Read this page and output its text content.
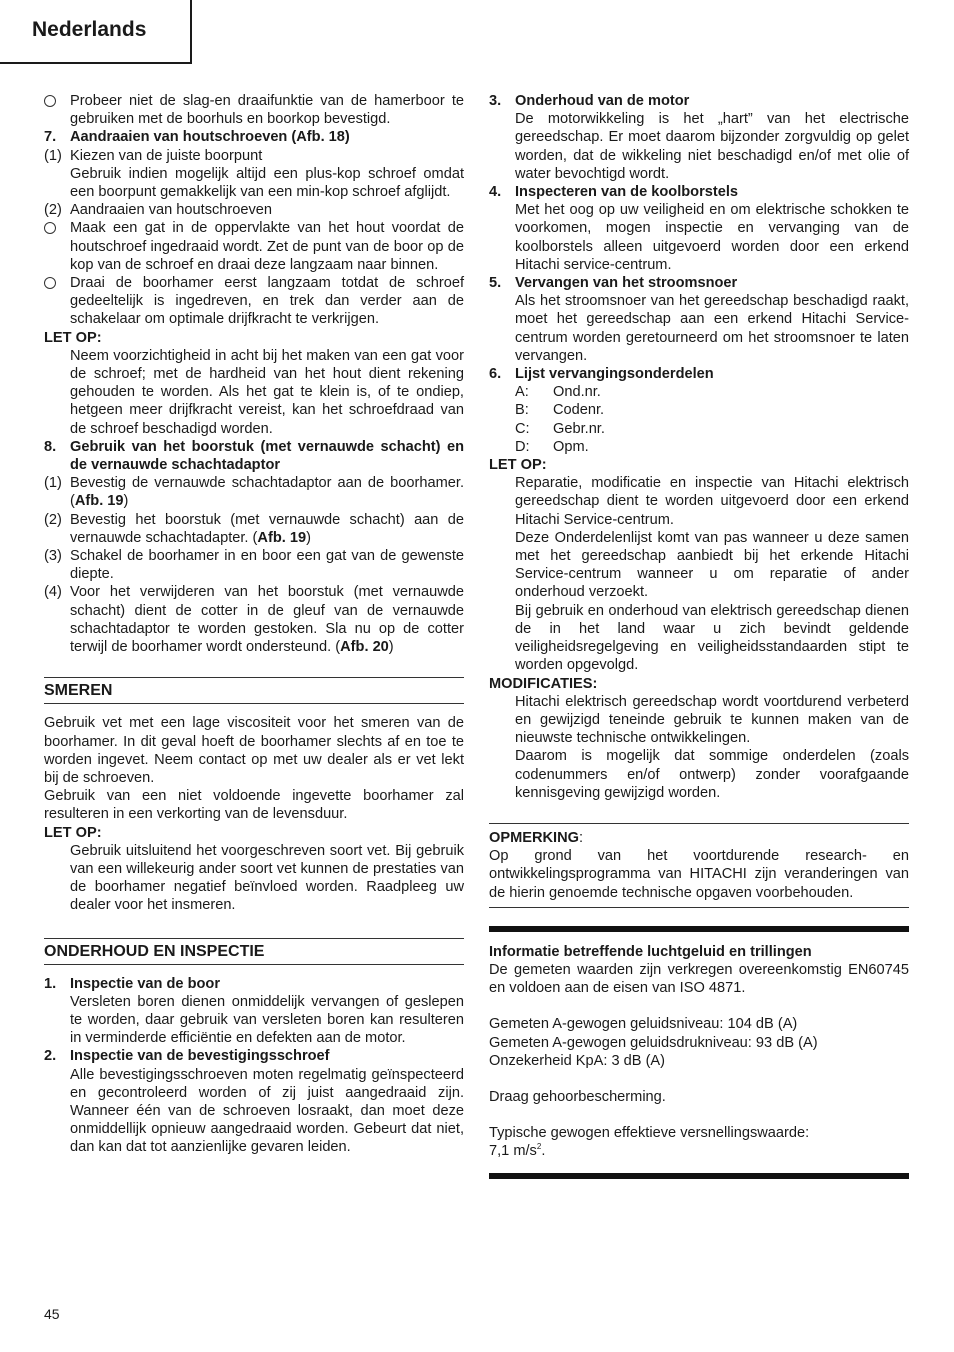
Nederlands

Probeer niet de slag-en draaifunktie van de hamerboor te gebruiken met de boorhuls en boorkop bevestigd.

7. Aandraaien van houtschroeven (Afb. 18)
(1) Kiezen van de juiste boorpunt

Gebruik indien mogelijk altijd een plus-kop schroef omdat een boorpunt gemakkelijk van een min-kop schroef afglijdt.

(2) Aandraaien van houtschroeven

Maak een gat in de oppervlakte van het hout voordat de houtschroef ingedraaid wordt. Zet de punt van de boor op de kop van de schroef en draai deze langzaam naar binnen.

Draai de boorhamer eerst langzaam totdat de schroef gedeeltelijk is ingedreven, en trek dan verder aan de schakelaar om optimale drijfkracht te verkrijgen.

LET OP:

Neem voorzichtigheid in acht bij het maken van een gat voor de schroef; met de hardheid van het hout dient rekening gehouden te worden. Als het gat te klein is, of te ondiep, hetgeen meer drijfkracht vereist, kan het schroefdraad van de schroef beschadigd worden.

8. Gebruik van het boorstuk (met vernauwde schacht) en de vernauwde schachtadaptor
(1) Bevestig de vernauwde schachtadaptor aan de boorhamer. (Afb. 19)

(2) Bevestig het boorstuk (met vernauwde schacht) aan de vernauwde schachtadapter. (Afb. 19)

(3) Schakel de boorhamer in en boor een gat van de gewenste diepte.

(4) Voor het verwijderen van het boorstuk (met vernauwde schacht) dient de cotter in de gleuf van de vernauwde schachtadaptor te worden gestoken. Sla nu op de cotter terwijl de boorhamer wordt ondersteund. (Afb. 20)

SMEREN

Gebruik vet met een lage viscositeit voor het smeren van de boorhamer. In dit geval hoeft de boorhamer slechts af en toe te worden ingevet. Neem contact op met uw dealer als er vet lekt bij de schroeven.

Gebruik van een niet voldoende ingevette boorhamer zal resulteren in een verkorting van de levensduur.

LET OP:

Gebruik uitsluitend het voorgeschreven soort vet. Bij gebruik van een willekeurig ander soort vet kunnen de prestaties van de boorhamer negatief beïnvloed worden. Raadpleeg uw dealer voor het insmeren.

ONDERHOUD EN INSPECTIE
1. Inspectie van de boor

Versleten boren dienen onmiddelijk vervangen of geslepen te worden, daar gebruik van versleten boren kan resulteren in verminderde efficiëntie en defekten aan de motor.

2. Inspectie van de bevestigingsschroef

Alle bevestigingsschroeven moten regelmatig geïnspecteerd en gecontroleerd worden of zij juist aangedraaid zijn. Wanneer één van de schroeven losraakt, dan moet deze onmiddellijk opnieuw aangedraaid worden. Gebeurt dat niet, dan kan dat tot aanzienlijke gevaren leiden.

3. Onderhoud van de motor

De motorwikkeling is het „hart” van het electrische gereedschap. Er moet daarom bijzonder zorgvuldig op gelet worden, dat de wikkeling niet beschadigd en/of met olie of water bevochtigd wordt.

4. Inspecteren van de koolborstels

Met het oog op uw veiligheid en om elektrische schokken te voorkomen, mogen inspectie en vervanging van de koolborstels alleen uitgevoerd worden door een erkend Hitachi service-centrum.

5. Vervangen van het stroomsnoer

Als het stroomsnoer van het gereedschap beschadigd raakt, moet het gereedschap aan een erkend Hitachi Service-centrum worden geretourneerd om het stroomsnoer te laten vervangen.

6. Lijst vervangingsonderdelen
A:	Ond.nr.
B:	Codenr.
C:	Gebr.nr.
D:	Opm.
LET OP:

Reparatie, modificatie en inspectie van Hitachi elektrisch gereedschap dient te worden uitgevoerd door een erkend Hitachi Service-centrum.

Deze Onderdelenlijst komt van pas wanneer u deze samen met het gereedschap aanbiedt bij het erkende Hitachi Service-centrum wanneer u om reparatie of ander onderhoud verzoekt.

Bij gebruik en onderhoud van elektrisch gereedschap dienen de in het land waar u zich bevindt geldende veiligheidsregelgeving en veiligheidsstandaarden stipt te worden opgevolgd.

MODIFICATIES:

Hitachi elektrisch gereedschap wordt voortdurend verbeterd en gewijzigd teneinde gebruik te kunnen maken van de nieuwste technische ontwikkelingen.

Daarom is mogelijk dat sommige onderdelen (zoals codenummers en/of ontwerp) zonder voorafgaande kennisgeving gewijzigd worden.

OPMERKING:

Op grond van het voortdurende research- en ontwikkelingsprogramma van HITACHI zijn veranderingen van de hierin genoemde technische opgaven voorbehouden.

Informatie betreffende luchtgeluid en trillingen

De gemeten waarden zijn verkregen overeenkomstig EN60745 en voldoen aan de eisen van ISO 4871.

Gemeten A-gewogen geluidsniveau: 104 dB (A)
Gemeten A-gewogen geluidsdrukniveau: 93 dB (A)
Onzekerheid KpA: 3 dB (A)
Draag gehoorbescherming.
Typische gewogen effektieve versnellingswaarde:
7,1 $m/s^2$.
45
